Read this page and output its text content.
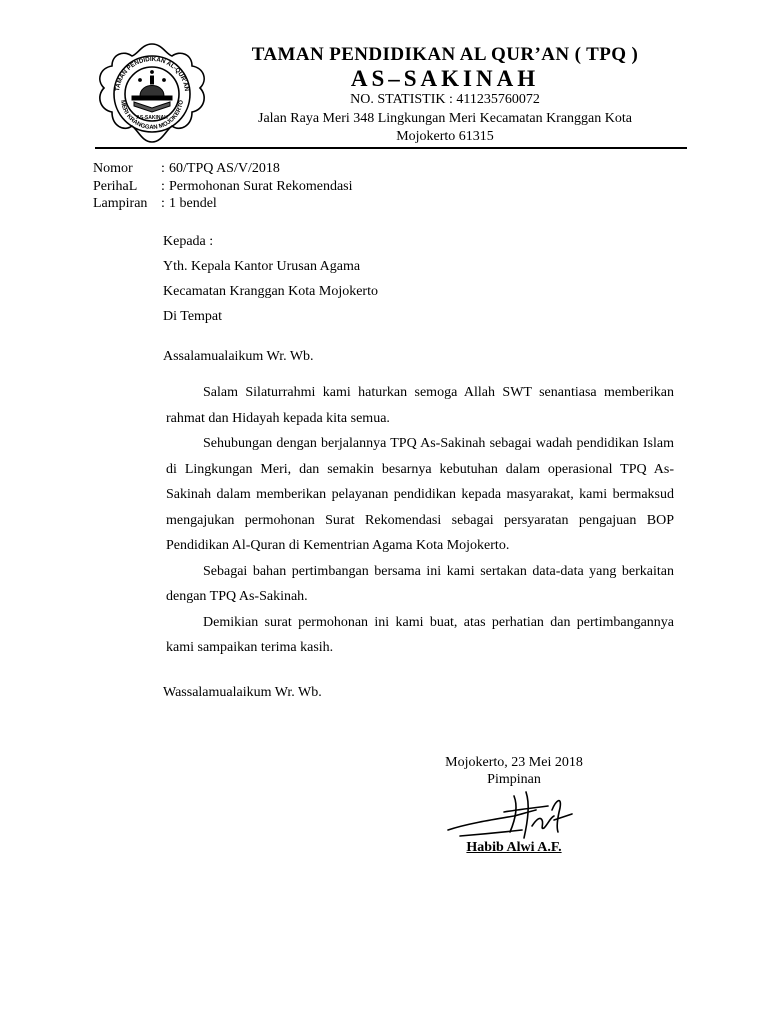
TAMAN PENDIDIKAN AL-QUR'AN
MERI KRANGGAN MOJOKERTO
AS-SAKINAH
TAMAN PENDIDIKAN AL QUR’AN ( TPQ )
AS–SAKINAH
NO. STATISTIK : 411235760072
Jalan Raya Meri 348 Lingkungan Meri Kecamatan Kranggan Kota
Mojokerto 61315
Nomor	: 60/TPQ AS/V/2018
PerihaL	: Permohonan Surat Rekomendasi
Lampiran : 1 bendel
Kepada :
Yth. Kepala Kantor Urusan Agama
Kecamatan Kranggan Kota Mojokerto
Di Tempat
Assalamualaikum Wr. Wb.

Salam Silaturrahmi kami haturkan semoga Allah SWT senantiasa memberikan rahmat dan Hidayah kepada kita semua.

Sehubungan dengan berjalannya TPQ As-Sakinah sebagai wadah pendidikan Islam di Lingkungan Meri, dan semakin besarnya kebutuhan dalam operasional TPQ As-Sakinah dalam memberikan pelayanan pendidikan kepada masyarakat, kami bermaksud mengajukan permohonan Surat Rekomendasi sebagai persyaratan pengajuan BOP Pendidikan Al-Quran di Kementrian Agama Kota Mojokerto.

Sebagai bahan pertimbangan bersama ini kami sertakan data-data yang berkaitan dengan TPQ As-Sakinah.

Demikian surat permohonan ini kami buat, atas perhatian dan pertimbangannya kami sampaikan terima kasih.

Wassalamualaikum Wr. Wb.
Mojokerto, 23 Mei 2018
Pimpinan
Habib Alwi A.F.
